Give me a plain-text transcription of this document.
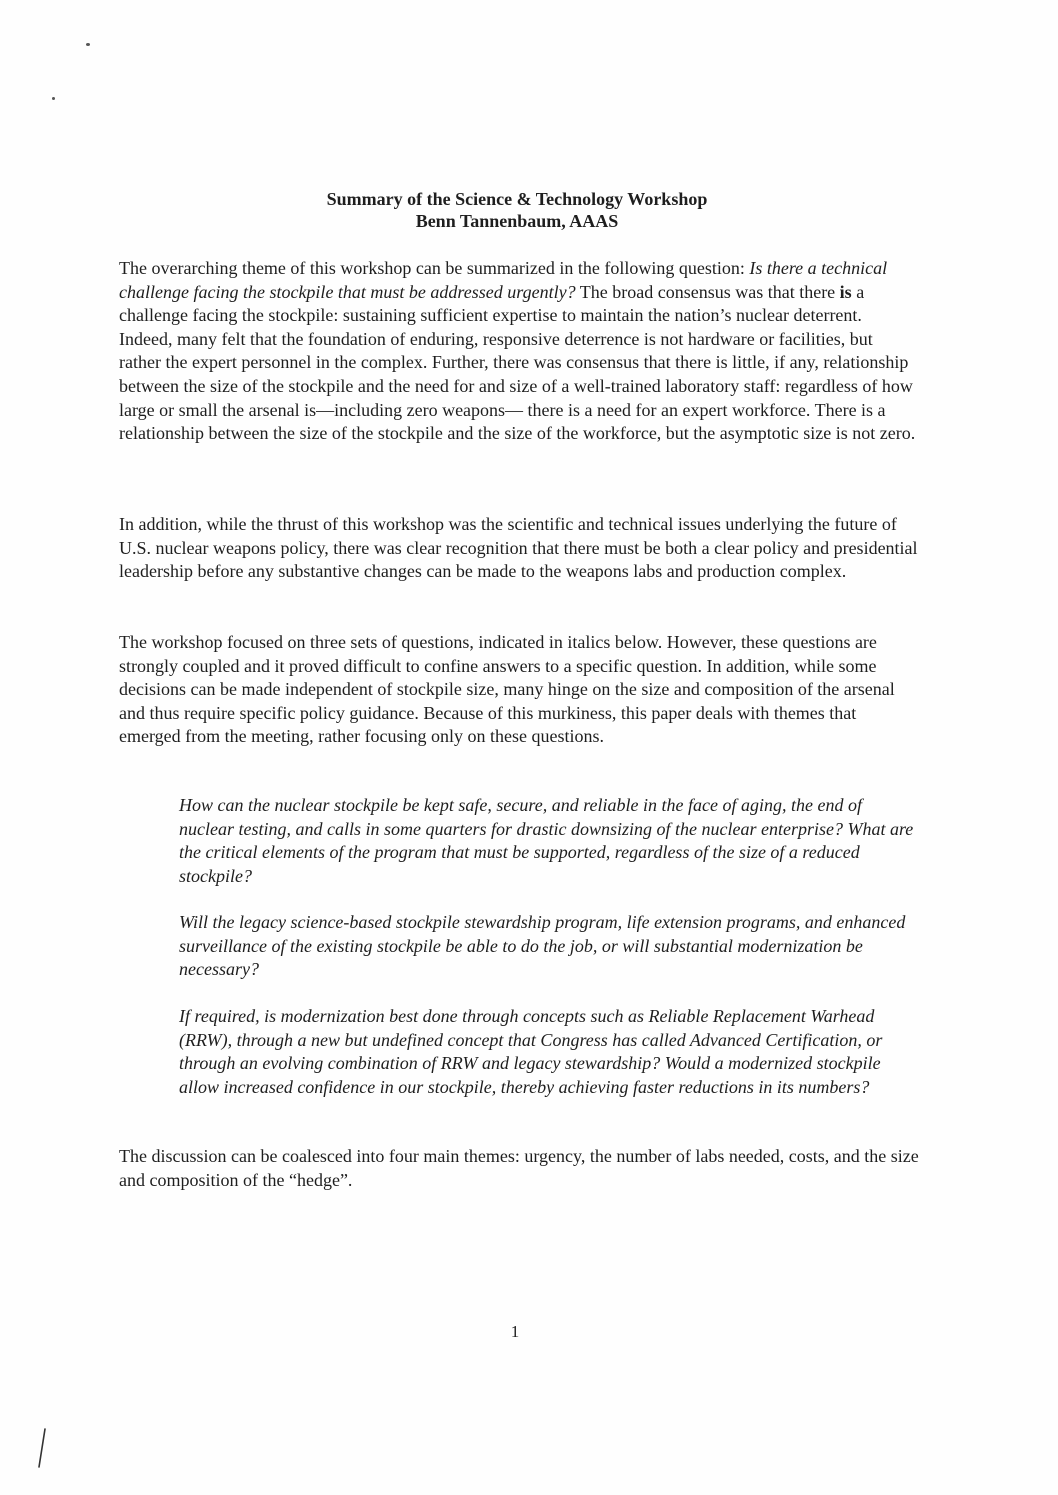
Summary of the Science & Technology Workshop
Benn Tannenbaum, AAAS

The overarching theme of this workshop can be summarized in the following question: Is there a technical challenge facing the stockpile that must be addressed urgently? The broad consensus was that there is a challenge facing the stockpile: sustaining sufficient expertise to maintain the nation’s nuclear deterrent. Indeed, many felt that the foundation of enduring, responsive deterrence is not hardware or facilities, but rather the expert personnel in the complex. Further, there was consensus that there is little, if any, relationship between the size of the stockpile and the need for and size of a well-trained laboratory staff: regardless of how large or small the arsenal is—including zero weapons— there is a need for an expert workforce. There is a relationship between the size of the stockpile and the size of the workforce, but the asymptotic size is not zero.

In addition, while the thrust of this workshop was the scientific and technical issues underlying the future of U.S. nuclear weapons policy, there was clear recognition that there must be both a clear policy and presidential leadership before any substantive changes can be made to the weapons labs and production complex.

The workshop focused on three sets of questions, indicated in italics below. However, these questions are strongly coupled and it proved difficult to confine answers to a specific question. In addition, while some decisions can be made independent of stockpile size, many hinge on the size and composition of the arsenal and thus require specific policy guidance. Because of this murkiness, this paper deals with themes that emerged from the meeting, rather focusing only on these questions.

How can the nuclear stockpile be kept safe, secure, and reliable in the face of aging, the end of nuclear testing, and calls in some quarters for drastic downsizing of the nuclear enterprise? What are the critical elements of the program that must be supported, regardless of the size of a reduced stockpile?

Will the legacy science-based stockpile stewardship program, life extension programs, and enhanced surveillance of the existing stockpile be able to do the job, or will substantial modernization be necessary?

If required, is modernization best done through concepts such as Reliable Replacement Warhead (RRW), through a new but undefined concept that Congress has called Advanced Certification, or through an evolving combination of RRW and legacy stewardship? Would a modernized stockpile allow increased confidence in our stockpile, thereby achieving faster reductions in its numbers?

The discussion can be coalesced into four main themes: urgency, the number of labs needed, costs, and the size and composition of the “hedge”.

1
